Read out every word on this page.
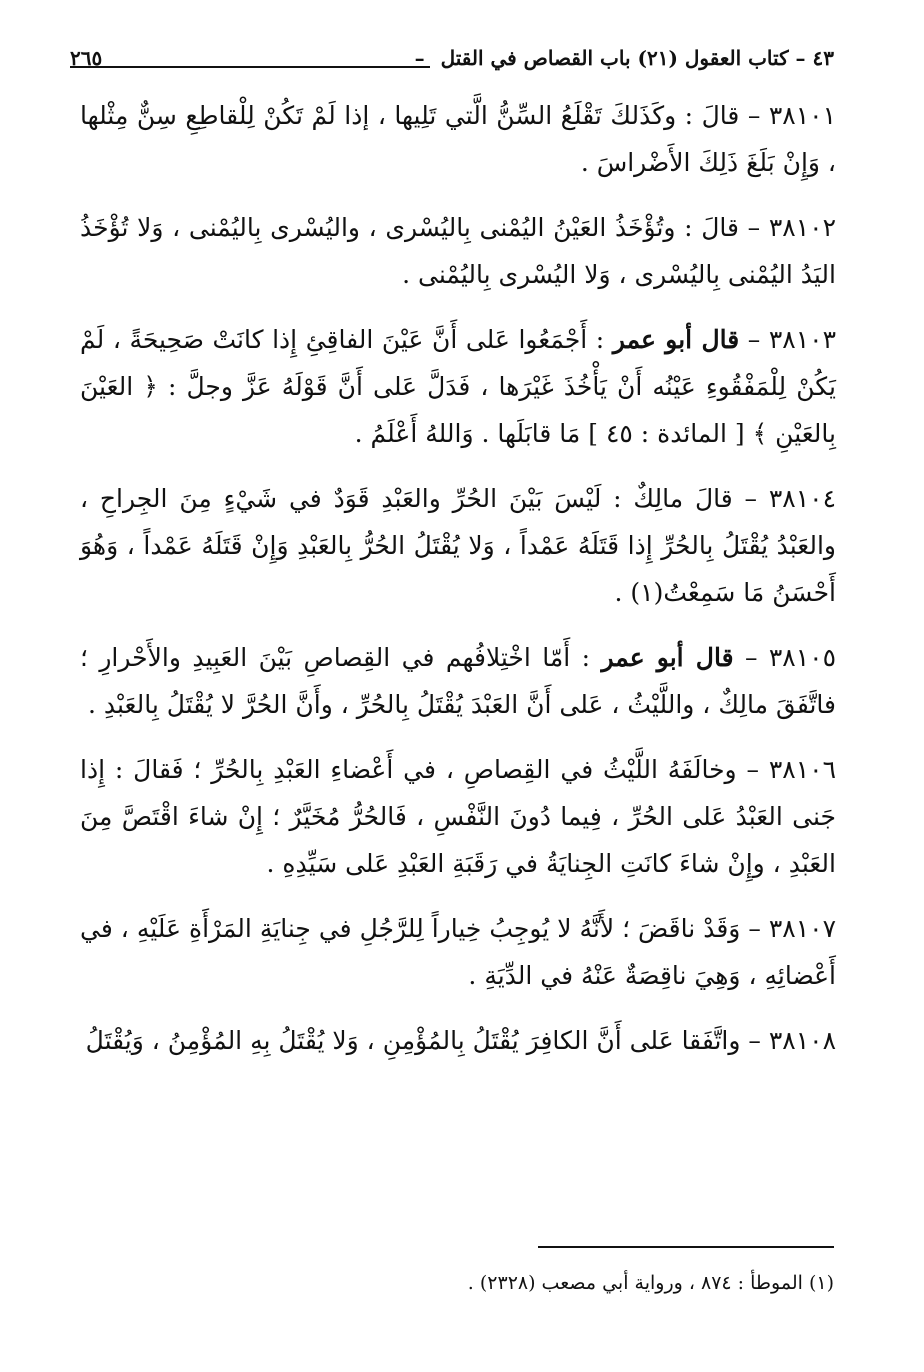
٤٣ – كتاب العقول (٢١) باب القصاص في القتل
–
٢٦٥

٣٨١٠١ – قالَ : وكَذَلكَ تَقْلَعُ السِّنُّ الَّتي تَلِيها ، إذا لَمْ تَكُنْ لِلْقاطِعِ سِنٌّ مِثْلها ، وَإِنْ بَلَغَ ذَلِكَ الأَضْراسَ .

٣٨١٠٢ – قالَ : وتُؤْخَذُ العَيْنُ اليُمْنى بِاليُسْرى ، واليُسْرى بِاليُمْنى ، وَلا تُؤْخَذُ اليَدُ اليُمْنى بِاليُسْرى ، وَلا اليُسْرى بِاليُمْنى .

٣٨١٠٣ – قال أبو عمر : أَجْمَعُوا عَلى أَنَّ عَيْنَ الفاقِئِ إِذا كانَتْ صَحِيحَةً ، لَمْ يَكُنْ لِلْمَفْقُوءِ عَيْنُه أَنْ يَأْخُذَ غَيْرَها ، فَدَلَّ عَلى أَنَّ قَوْلَهُ عَزَّ وجلَّ : ﴿ العَيْنَ بِالعَيْنِ ﴾ [ المائدة : ٤٥ ] مَا قابَلَها . وَاللهُ أَعْلَمُ .

٣٨١٠٤ – قالَ مالِكٌ : لَيْسَ بَيْنَ الحُرِّ والعَبْدِ قَوَدٌ في شَيْءٍ مِنَ الجِراحِ ، والعَبْدُ يُقْتَلُ بِالحُرِّ إِذا قَتَلَهُ عَمْداً ، وَلا يُقْتَلُ الحُرُّ بِالعَبْدِ وَإِنْ قَتَلَهُ عَمْداً ، وَهُوَ أَحْسَنُ مَا سَمِعْتُ(١) .

٣٨١٠٥ – قال أبو عمر : أَمّا اخْتِلافُهم في القِصاصِ بَيْنَ العَبِيدِ والأَحْرارِ ؛ فاتَّفَقَ مالِكٌ ، واللَّيْثُ ، عَلى أَنَّ العَبْدَ يُقْتَلُ بِالحُرِّ ، وأَنَّ الحُرَّ لا يُقْتَلُ بِالعَبْدِ .

٣٨١٠٦ – وخالَفَهُ اللَّيْثُ في القِصاصِ ، في أَعْضاءِ العَبْدِ بِالحُرِّ ؛ فَقالَ : إِذا جَنى العَبْدُ عَلى الحُرِّ ، فِيما دُونَ النَّفْسِ ، فَالحُرُّ مُخَيَّرٌ ؛ إِنْ شاءَ اقْتَصَّ مِنَ العَبْدِ ، وإِنْ شاءَ كانَتِ الجِنايَةُ في رَقَبَةِ العَبْدِ عَلى سَيِّدِهِ .

٣٨١٠٧ – وَقَدْ ناقَضَ ؛ لأَنَّهُ لا يُوجِبُ خِياراً لِلرَّجُلِ في جِنايَةِ المَرْأَةِ عَلَيْهِ ، في أَعْضائِهِ ، وَهِيَ ناقِصَةٌ عَنْهُ في الدِّيَةِ .

٣٨١٠٨ – واتَّفَقا عَلى أَنَّ الكافِرَ يُقْتَلُ بِالمُؤْمِنِ ، وَلا يُقْتَلُ بِهِ المُؤْمِنُ ، وَيُقْتَلُ

(١) الموطأ : ٨٧٤ ، ورواية أبي مصعب (٢٣٢٨) .
